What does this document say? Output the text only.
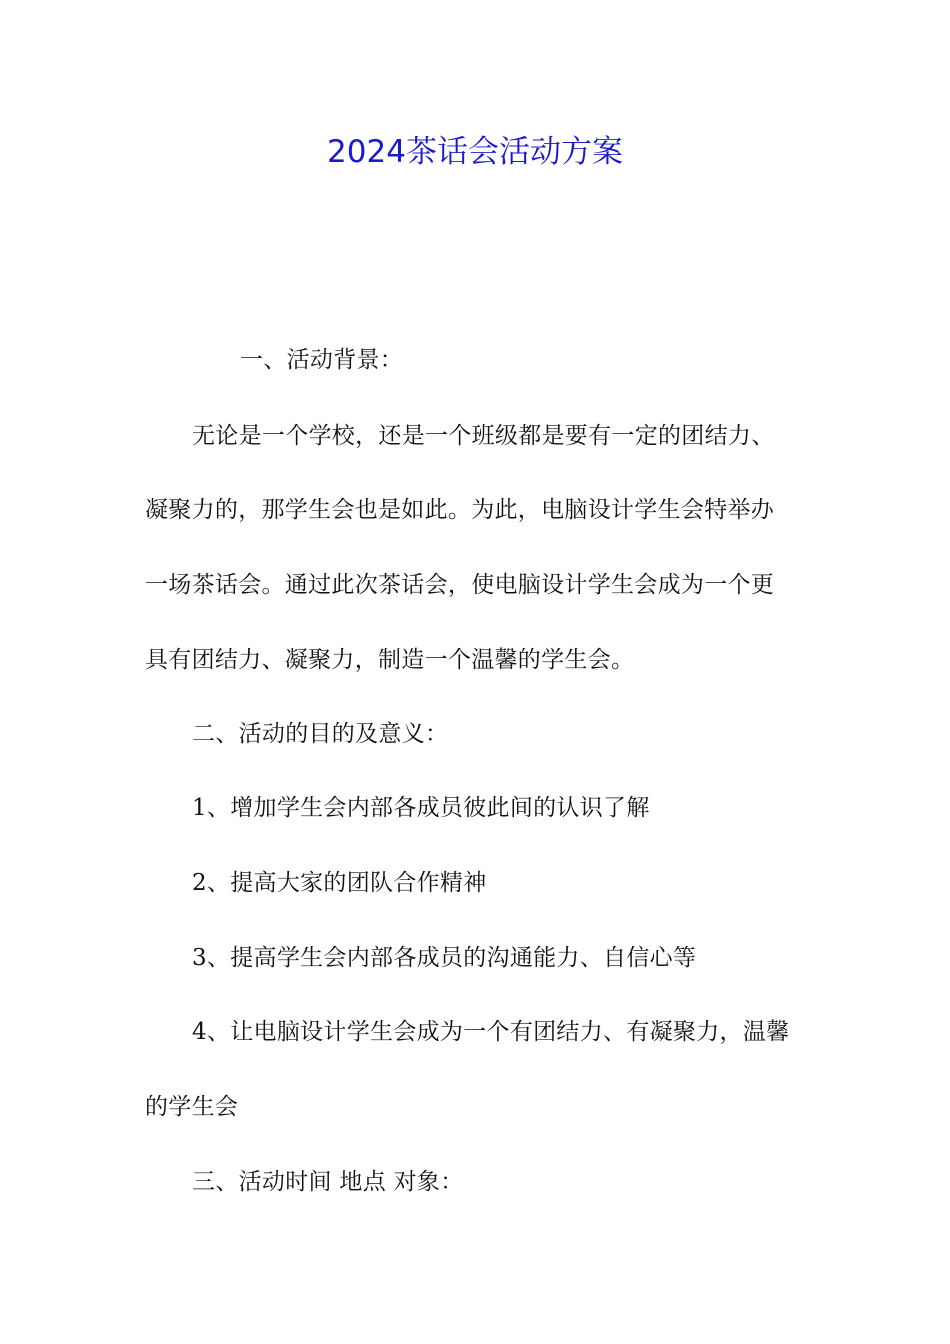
2024茶话会活动方案
一、活动背景：
无论是一个学校，还是一个班级都是要有一定的团结力、
凝聚力的，那学生会也是如此。为此，电脑设计学生会特举办
一场茶话会。通过此次茶话会，使电脑设计学生会成为一个更
具有团结力、凝聚力，制造一个温馨的学生会。
二、活动的目的及意义：
1、增加学生会内部各成员彼此间的认识了解
2、提高大家的团队合作精神
3、提高学生会内部各成员的沟通能力、自信心等
4、让电脑设计学生会成为一个有团结力、有凝聚力，温馨
的学生会
三、活动时间 地点 对象：
